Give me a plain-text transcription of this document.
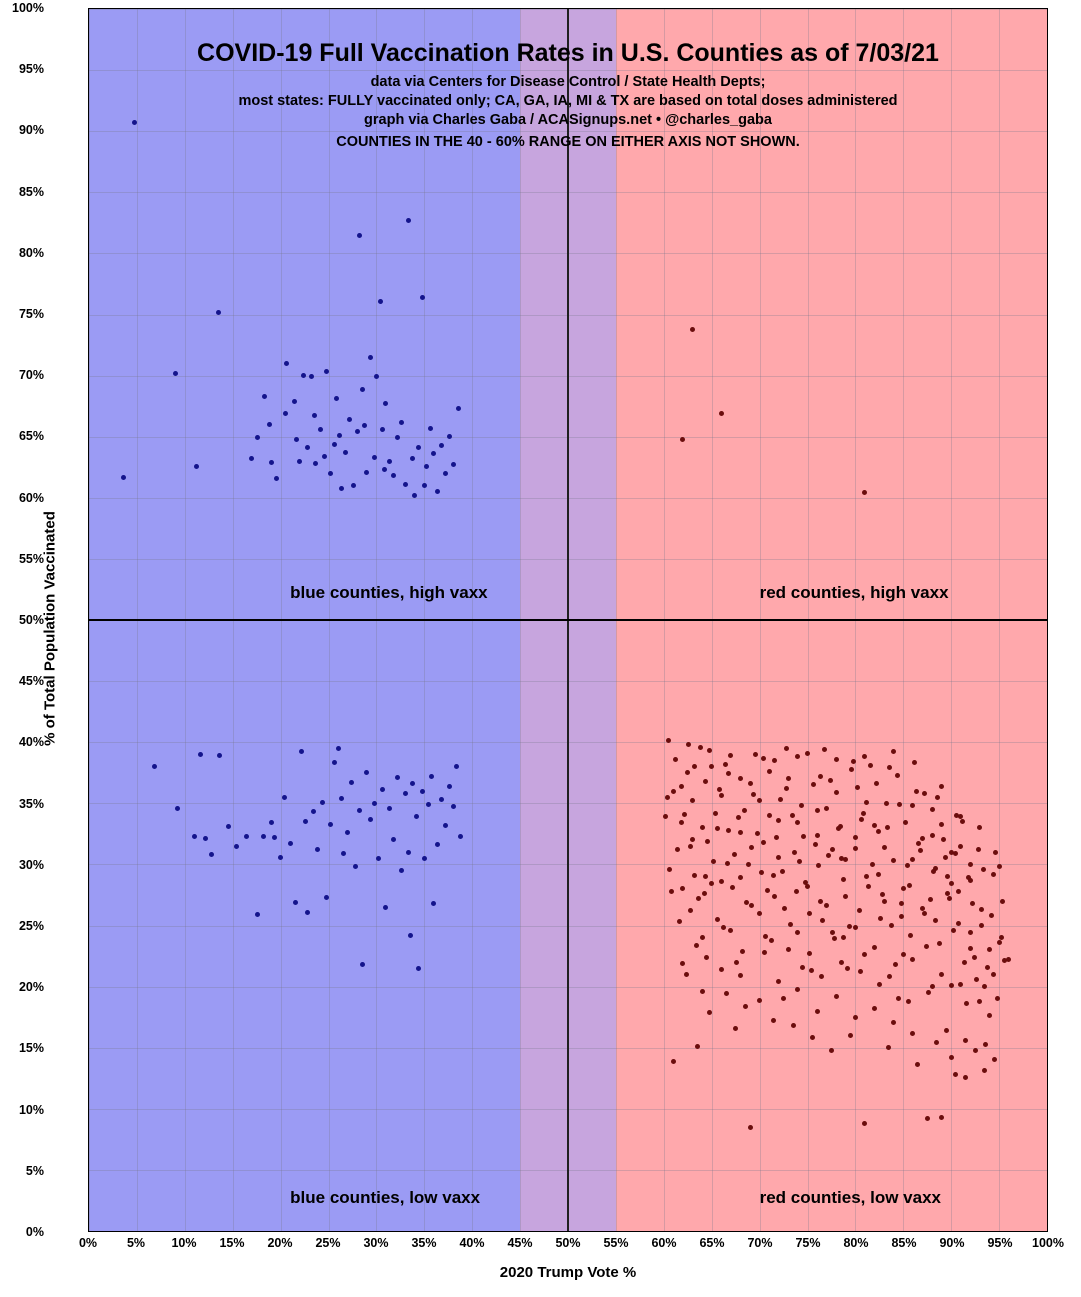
COVID-19 Full Vaccination Rates in U.S. Counties as of 7/03/21
data via Centers for Disease Control / State Health Depts;
most states: FULLY vaccinated only; CA, GA, IA, MI & TX are based on total doses administered
graph via Charles Gaba / ACASignups.net • @charles_gaba
COUNTIES IN THE 40 - 60% RANGE ON EITHER AXIS NOT SHOWN.
blue counties, high vaxx	red counties, high vaxx
blue counties, low vaxx	red counties, low vaxx
0%
5%
10%
15%
20%
25%
30%
35%
40%
45%
50%
55%
60%
65%
70%
75%
80%
85%
90%
95%
100%
0%	5%	10%	15%	20%	25%	30%	35%	40%	45%	50%	55%	60%	65%	70%	75%	80%	85%	90%	95%	100%
2020 Trump Vote %
% of Total Population Vaccinated
